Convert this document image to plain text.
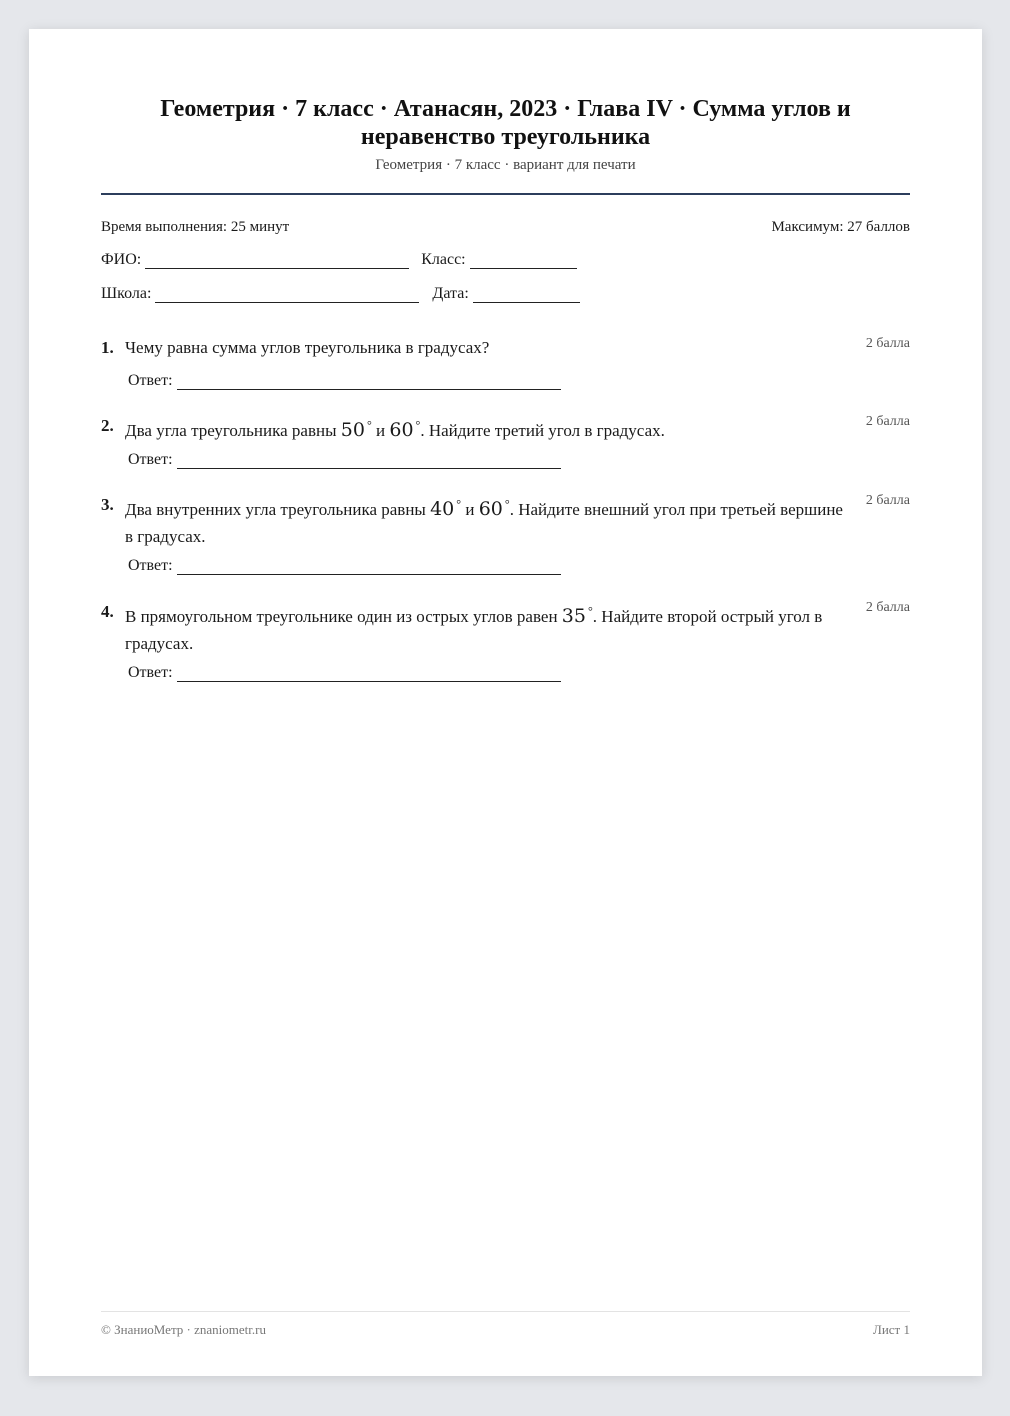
Геометрия · 7 класс · Атанасян, 2023 · Глава IV · Сумма углов и неравенство треугольника
Геометрия · 7 класс · вариант для печати
Время выполнения: 25 минут	Максимум: 27 баллов
ФИО:	Класс:
Школа:	Дата:
1. Чему равна сумма углов треугольника в градусах?	2 балла
Ответ:
2. Два угла треугольника равны 50 ° и 60 °. Найдите третий угол в градусах.	2 балла
Ответ:
3. Два внутренних угла треугольника равны 40 ° и 60 °. Найдите внешний угол при третьей вершине в градусах.
2 балла
Ответ:
4. В прямоугольном треугольнике один из острых углов равен 35 °. Найдите второй острый угол в градусах.
2 балла
Ответ:
© ЗнаниоМетр · znaniometr.ru	Лист 1
